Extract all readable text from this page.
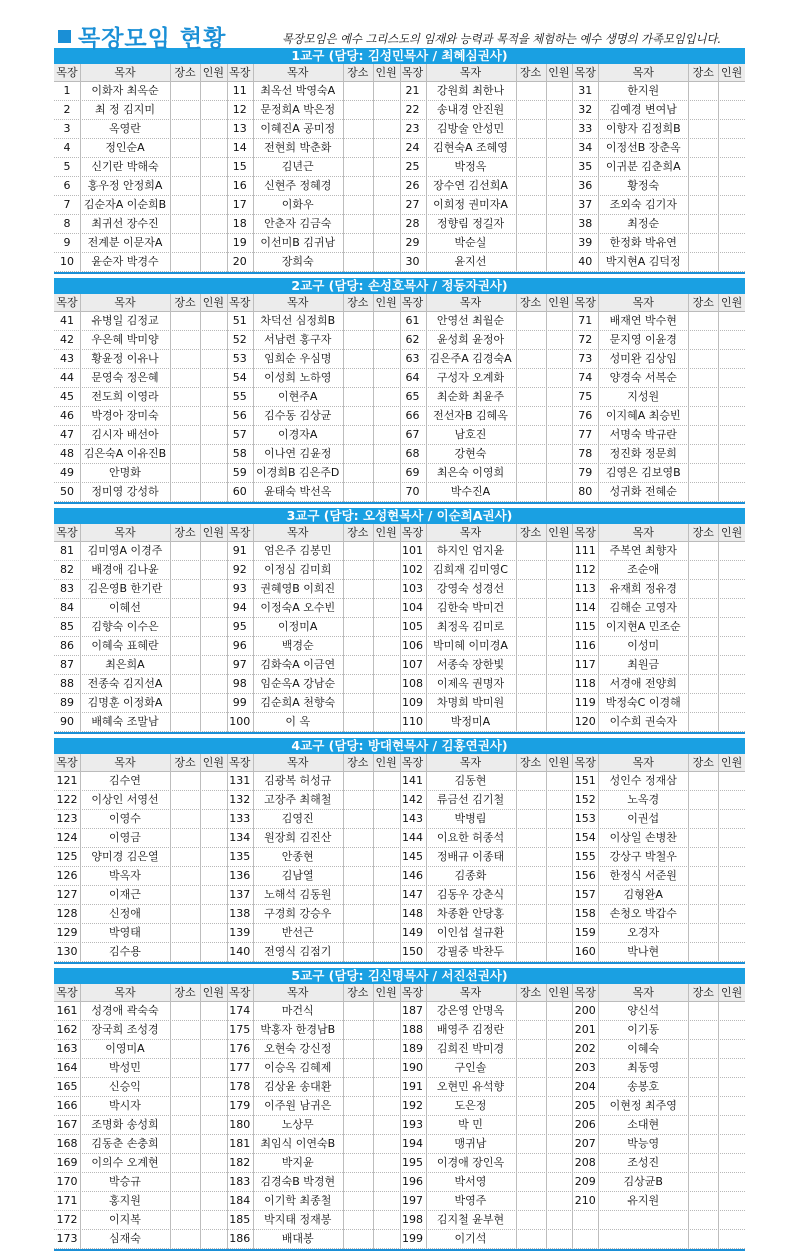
목장모임 현황	목장모임은 예수 그리스도의 임재와 능력과 목적을 체험하는 예수 생명의 가족모임입니다.
1교구 (담당: 김성민목사 / 최혜심권사)
목장	목자	장소 인원 목장	목자	장소 인원 목장	목자	장소 인원 목장	목자	장소 인원
1	이화자 최옥순	11	최옥선 박영숙A	21	강원희 최한나	31	한지원
2	최 정 김지미	12	문정희A 박은정	22	송내경 안진원	32	김예경 변여남
3	옥영란	13	이혜진A 공미정	23	김방술 안성민	33	이향자 김정희B
4	정인순A	14	전현희 박춘화	24	김현숙A 조혜영	34	이정선B 장춘옥
5	신기란 박해숙	15	김년근	25	박정옥	35	이귀분 김춘희A
6	홍우정 안정희A	16	신현주 정혜경	26	장수연 김선희A	36	황정숙
7	김순자A 이순희B	17	이화우	27	이희정 권미자A	37	조외숙 김기자
8	최귀선 장수진	18	안춘자 김금숙	28	정향림 정길자	38	최정순
9	전계분 이문자A	19	이선미B 김귀남	29	박순실	39	한정화 박유연
10	윤순자 박경수	20	장희숙	30	윤지선	40	박지현A 김덕정
2교구 (담당: 손성호목사 / 정동자권사)
목장	목자	장소 인원 목장	목자	장소 인원 목장	목자	장소 인원 목장	목자	장소 인원
41	유병일 김정교	51	차덕선 심정희B	61	안영선 최월순	71	배재연 박수현
42	우은혜 박미양	52	서남련 홍구자	62	윤성희 윤정아	72	문지영 이윤경
43	황윤정 이유나	53	임희순 우심명	63 김은주A 김경숙A	73	성미완 김상임
44	문영숙 정은혜	54	이성희 노하영	64	구성자 오계화	74	양경숙 서복순
45	전도희 이영라	55	이현주A	65	최순화 최윤주	75	지성원
46	박경아 장미숙	56	김수동 김상균	66	전선자B 김혜옥	76	이지혜A 최승빈
47	김시자 배선아	57	이경자A	67	남호진	77	서명숙 박규란
48 김은숙A 이유진B	58	이나연 김윤정	68	강현숙	78	정진화 정문희
49	안명화	59 이경희B 김은주D	69	최은숙 이영희	79	김영은 김보영B
50	정미영 강성하	60	윤태숙 박선옥	70	박수진A	80	성귀화 전혜순
3교구 (담당: 오성현목사 / 이순희A권사)
목장	목자	장소 인원 목장	목자	장소 인원 목장	목자	장소 인원 목장	목자	장소 인원
81	김미영A 이경주	91	엄은주 김봉민	101	하지인 엄지윤	111	주복연 최향자
82	배경애 김나윤	92	이정심 김미희	102 김희재 김미영C	112	조순애
83	김은영B 한기란	93	권혜영B 이희진	103	강영숙 성경선	113	유재희 정유경
84	이혜선	94	이정숙A 오수빈	104	김한숙 박미건	114	김해순 고영자
85	김향숙 이수은	95	이정미A	105	최정옥 김미로	115 이지현A 민조순
86	이혜숙 표혜란	96	백경순	106 박미혜 이미경A	116	이성미
87	최은희A	97	김화숙A 이금연	107	서종숙 장한빛	117	최원금
88	전종숙 김지선A	98	임순옥A 강남순	108	이제옥 권명자	118	서경애 전양희
89	김명훈 이정화A	99	김순희A 천향숙	109	차명희 박미원	119 박정숙C 이경해
90	배혜숙 조말남	100	이 옥	110	박정미A	120	이수희 권숙자
4교구 (담당: 방대현목사 / 김홍연권사)
목장	목자	장소 인원 목장	목자	장소 인원 목장	목자	장소 인원 목장	목자	장소 인원
121	김수연	131	김광복 허성규	141	김동현	151	성인수 정재삼
122	이상인 서영선	132	고장주 최해철	142	류금선 김기철	152	노옥경
123	이영수	133	김영진	143	박병림	153	이권섭
124	이영금	134	원장희 김진산	144	이요한 허종석	154	이상일 손병찬
125	양미경 김은열	135	안종현	145	정배규 이종태	155	강상구 박철우
126	박옥자	136	김남열	146	김종화	156	한정식 서준원
127	이재근	137	노해석 김동원	147	김동우 강춘식	157	김형완A
128	신정애	138	구경희 강승우	148	차종환 안당홍	158	손청오 박갑수
129	박영태	139	반선근	149	이인섭 설규환	159	오경자
130	김수용	140	전영식 김점기	150	강필중 박찬두	160	박나현
5교구 (담당: 김신명목사 / 서진선권사)
목장	목자	장소 인원 목장	목자	장소 인원 목장	목자	장소 인원 목장	목자	장소 인원
161	성경애 곽숙숙	174	마건식	187	강은영 안명옥	200	양신석
162	장국희 조성경	175 박홍자 한경남B	188	배영주 김정란	201	이기동
163	이영미A	176	오현숙 강신정	189	김희진 박미경	202	이혜숙
164	박성민	177	이승옥 김혜제	190	구인솔	203	최동영
165	신승익	178	김상윤 송대환	191	오현민 유석향	204	송봉호
166	박시자	179	이주원 남귀은	192	도은정	205	이현정 최주영
167	조명화 송성희	180	노상무	193	박 민	206	소대현
168	김동춘 손충희	181 최임식 이연숙B	194	맹귀남	207	박능영
169	이의수 오계현	182	박지윤	195	이경애 장인옥	208	조성진
170	박승규	183 김경숙B 박경현	196	박서영	209	김상균B
171	홍지원	184	이기학 최종철	197	박영주	210	유지원
172	이지복	185	박지태 정재봉	198	김지철 윤부현
173	심재숙	186	배대봉	199	이기석
